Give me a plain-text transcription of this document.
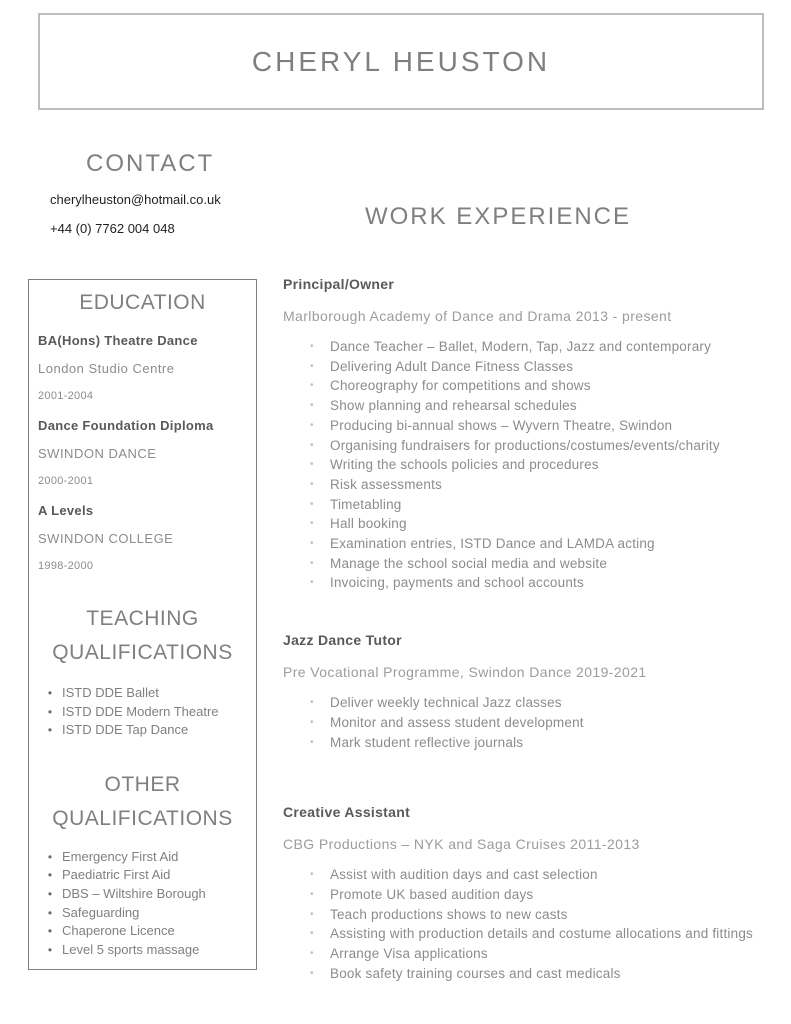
CHERYL HEUSTON
CONTACT
cherylheuston@hotmail.co.uk
+44 (0) 7762 004 048	WORK EXPERIENCE
EDUCATION
BA(Hons) Theatre Dance
London Studio Centre
2001-2004
Dance Foundation Diploma
SWINDON DANCE
2000-2001
A Levels
SWINDON COLLEGE
1998-2000
TEACHING QUALIFICATIONS
• ISTD DDE Ballet
• ISTD DDE Modern Theatre
• ISTD DDE Tap Dance
OTHER QUALIFICATIONS
• Emergency First Aid
• Paediatric First Aid
• DBS – Wiltshire Borough
• Safeguarding
• Chaperone Licence
• Level 5 sports massage
Principal/Owner
Marlborough Academy of Dance and Drama 2013 - present
•	Dance Teacher – Ballet, Modern, Tap, Jazz and contemporary
•	Delivering Adult Dance Fitness Classes
•	Choreography for competitions and shows
•	Show planning and rehearsal schedules
•	Producing bi-annual shows – Wyvern Theatre, Swindon
•	Organising fundraisers for productions/costumes/events/charity
•	Writing the schools policies and procedures
•	Risk assessments
•	Timetabling
•	Hall booking
•	Examination entries, ISTD Dance and LAMDA acting
•	Manage the school social media and website
•	Invoicing, payments and school accounts
Jazz Dance Tutor
Pre Vocational Programme, Swindon Dance 2019-2021
•	Deliver weekly technical Jazz classes
•	Monitor and assess student development
•	Mark student reflective journals
Creative Assistant
CBG Productions – NYK and Saga Cruises 2011-2013
•	Assist with audition days and cast selection
•	Promote UK based audition days
•	Teach productions shows to new casts
•	Assisting with production details and costume allocations and fittings
•	Arrange Visa applications
•	Book safety training courses and cast medicals
